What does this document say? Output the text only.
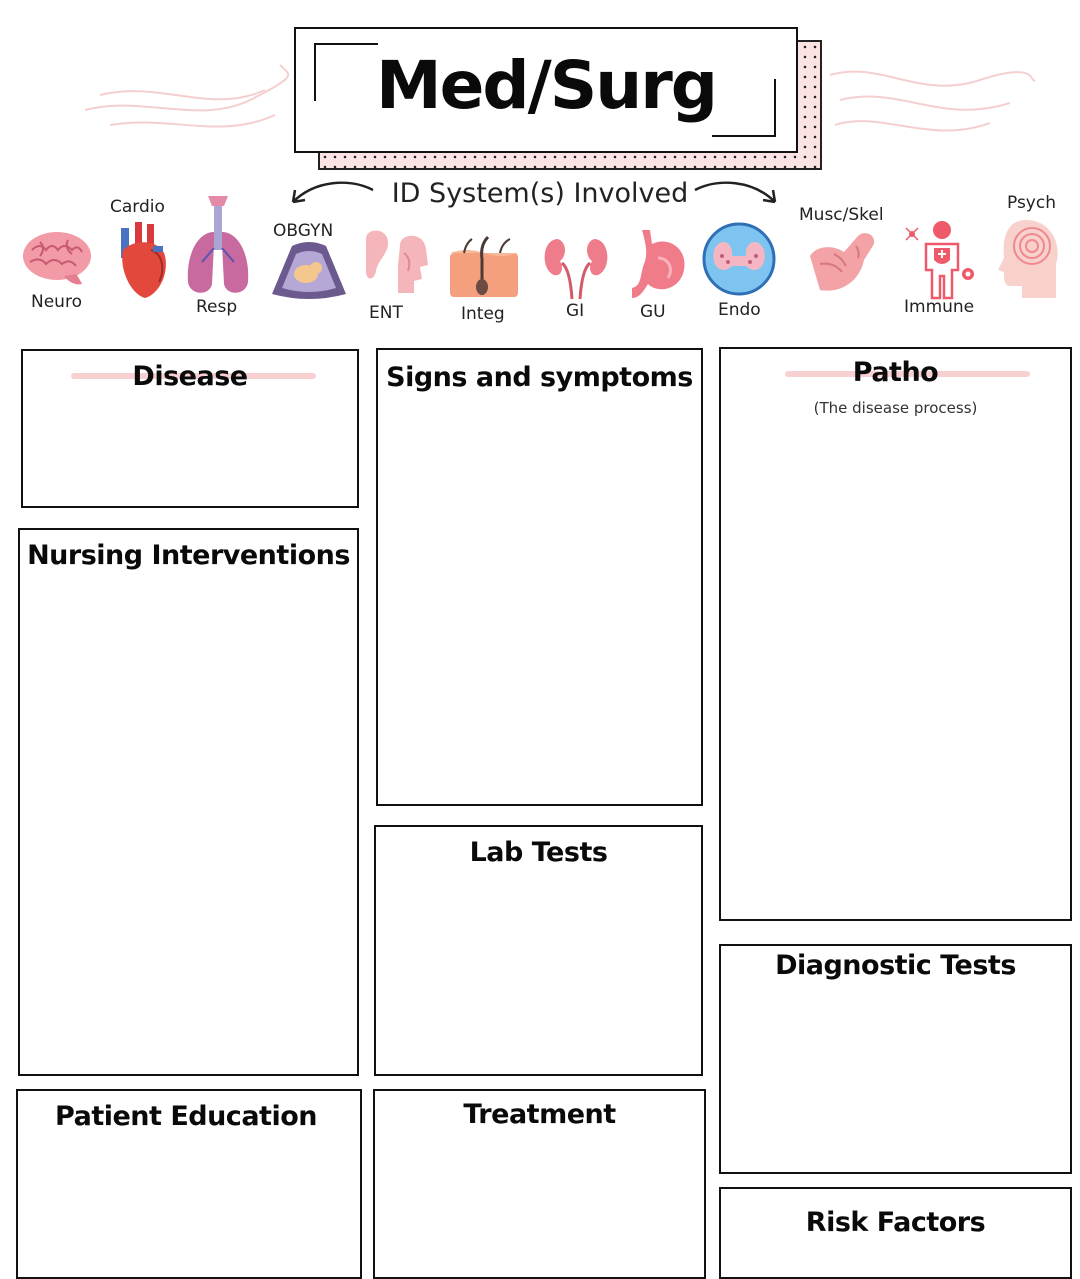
Med/Surg
ID System(s) Involved
Neuro
Cardio
Resp
OBGYN
ENT	Integ	GI	GU	Endo
Musc/Skel
Immune
Psych
Disease	Signs and symptoms	Patho
(The disease process)
Nursing Interventions
Lab Tests
Diagnostic Tests
Patient Education	Treatment
Risk Factors
